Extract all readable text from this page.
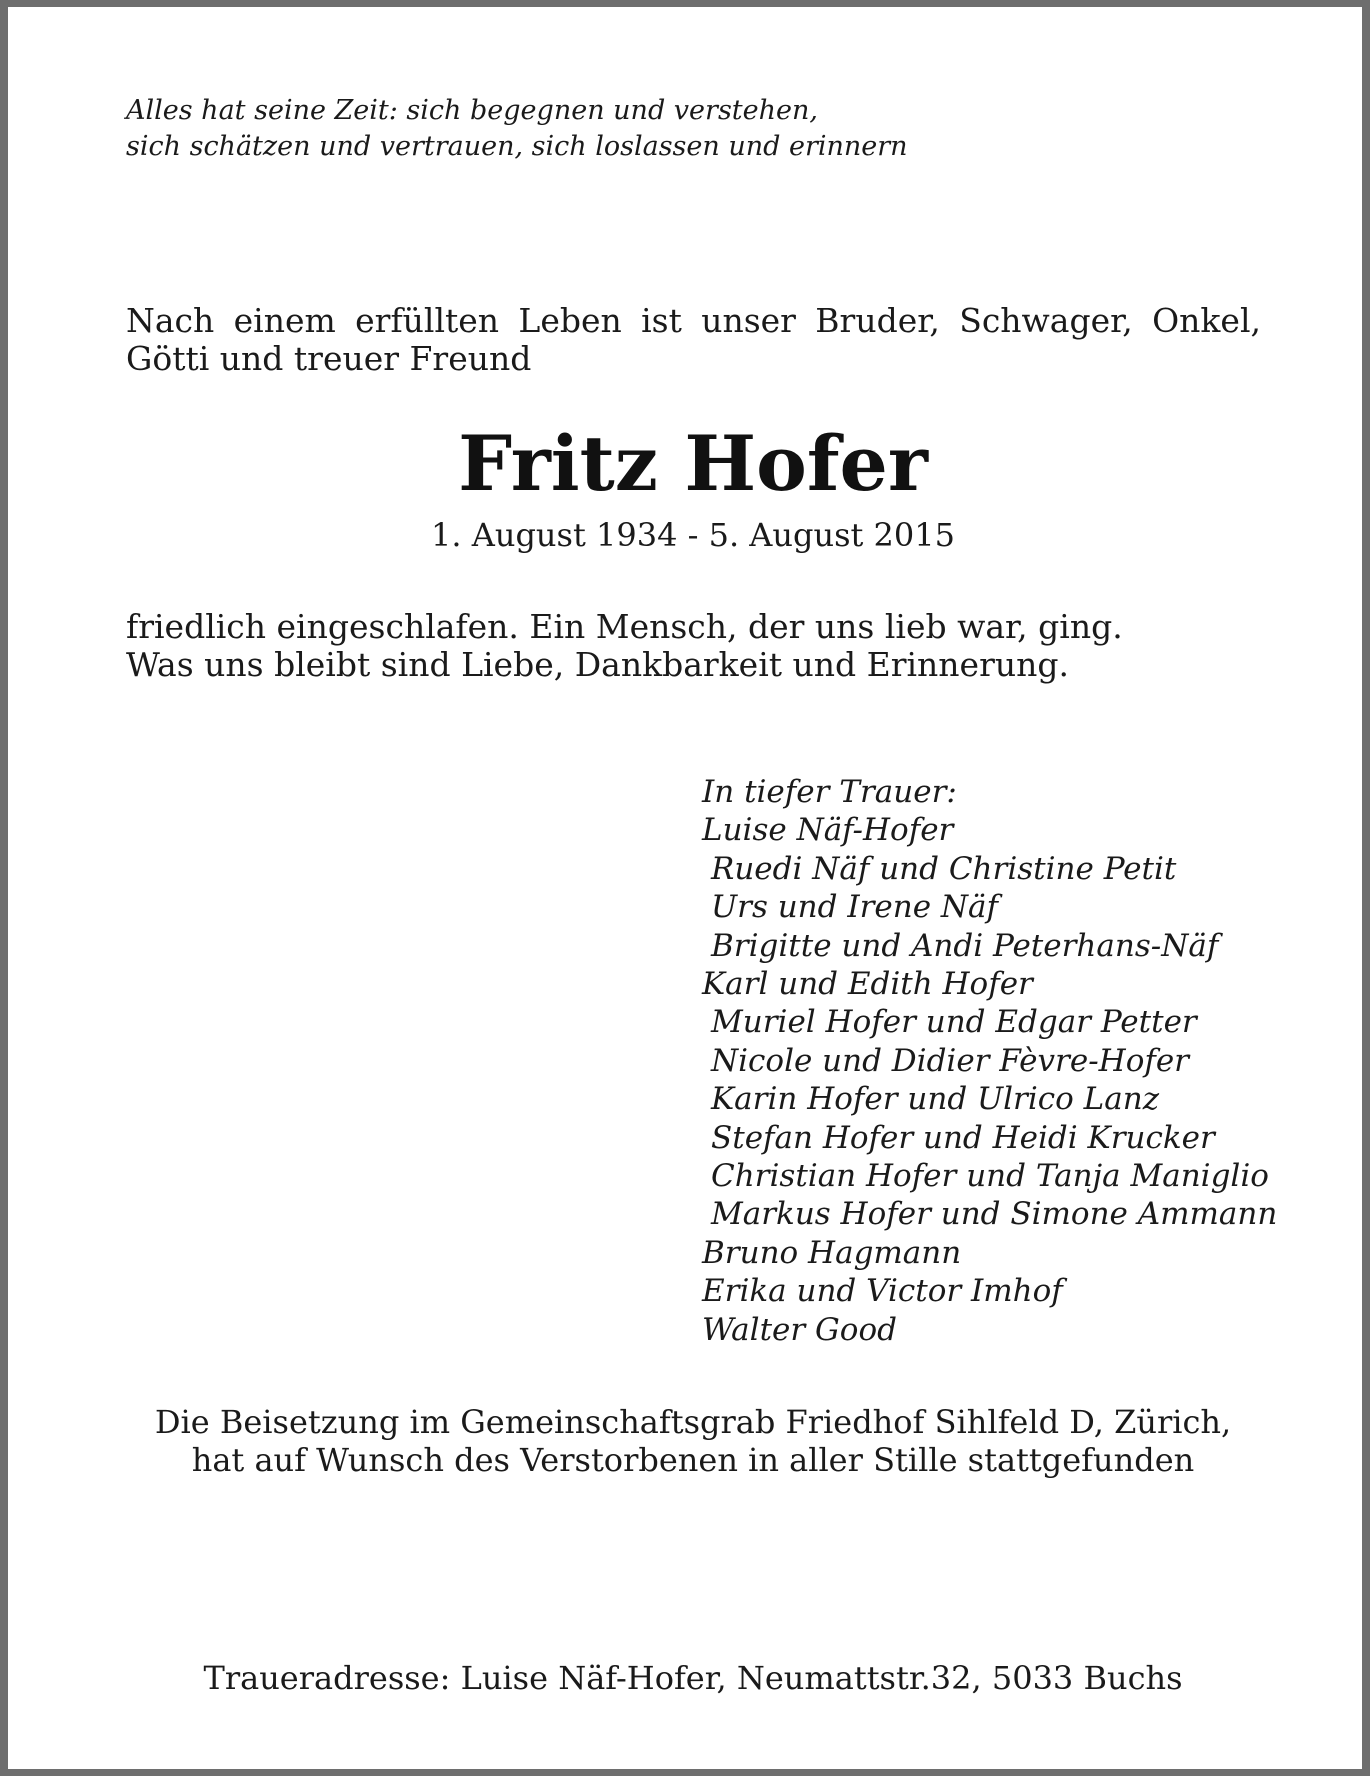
Alles hat seine Zeit: sich begegnen und verstehen,
sich schätzen und vertrauen, sich loslassen und erinnern
Nach einem erfüllten Leben ist unser Bruder, Schwager, Onkel,
Götti und treuer Freund
Fritz Hofer
1. August 1934 - 5. August 2015
friedlich eingeschlafen. Ein Mensch, der uns lieb war, ging.
Was uns bleibt sind Liebe, Dankbarkeit und Erinnerung.
In tiefer Trauer:
Luise Näf-Hofer
Ruedi Näf und Christine Petit
Urs und Irene Näf
Brigitte und Andi Peterhans-Näf
Karl und Edith Hofer
Muriel Hofer und Edgar Petter
Nicole und Didier Fèvre-Hofer
Karin Hofer und Ulrico Lanz
Stefan Hofer und Heidi Krucker
Christian Hofer und Tanja Maniglio
Markus Hofer und Simone Ammann
Bruno Hagmann
Erika und Victor Imhof
Walter Good
Die Beisetzung im Gemeinschaftsgrab Friedhof Sihlfeld D, Zürich,
hat auf Wunsch des Verstorbenen in aller Stille stattgefunden
Traueradresse: Luise Näf-Hofer, Neumattstr.32, 5033 Buchs
